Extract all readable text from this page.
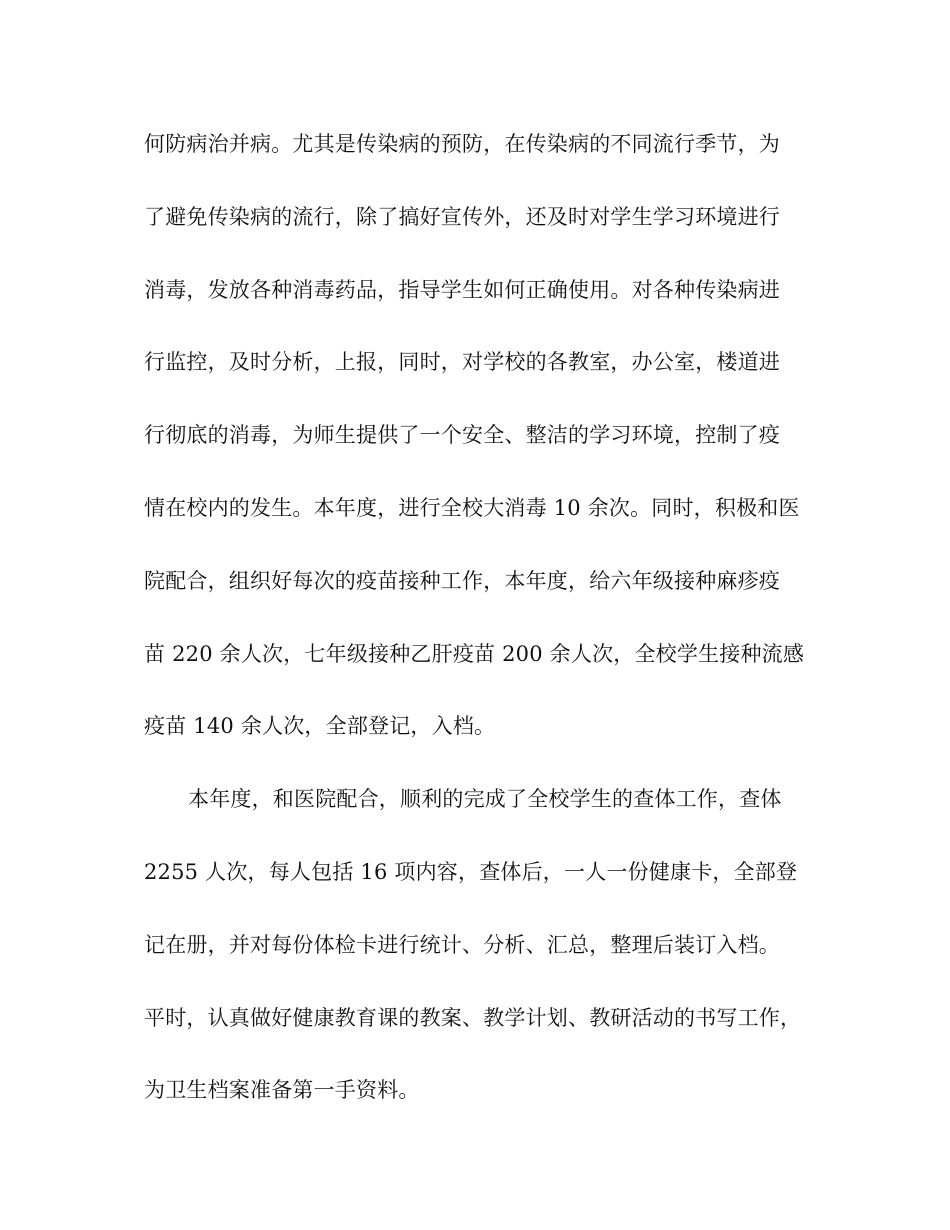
何防病治并病。尤其是传染病的预防，在传染病的不同流行季节，为
了避免传染病的流行，除了搞好宣传外，还及时对学生学习环境进行
消毒，发放各种消毒药品，指导学生如何正确使用。对各种传染病进
行监控，及时分析，上报，同时，对学校的各教室，办公室，楼道进
行彻底的消毒，为师生提供了一个安全、整洁的学习环境，控制了疫
情在校内的发生。本年度，进行全校大消毒 10 余次。同时，积极和医
院配合，组织好每次的疫苗接种工作，本年度，给六年级接种麻疹疫
苗 220 余人次，七年级接种乙肝疫苗 200 余人次，全校学生接种流感
疫苗 140 余人次，全部登记，入档。
本年度，和医院配合，顺利的完成了全校学生的查体工作，查体
2255 人次，每人包括 16 项内容，查体后，一人一份健康卡，全部登
记在册，并对每份体检卡进行统计、分析、汇总，整理后装订入档。
平时，认真做好健康教育课的教案、教学计划、教研活动的书写工作，
为卫生档案准备第一手资料。
